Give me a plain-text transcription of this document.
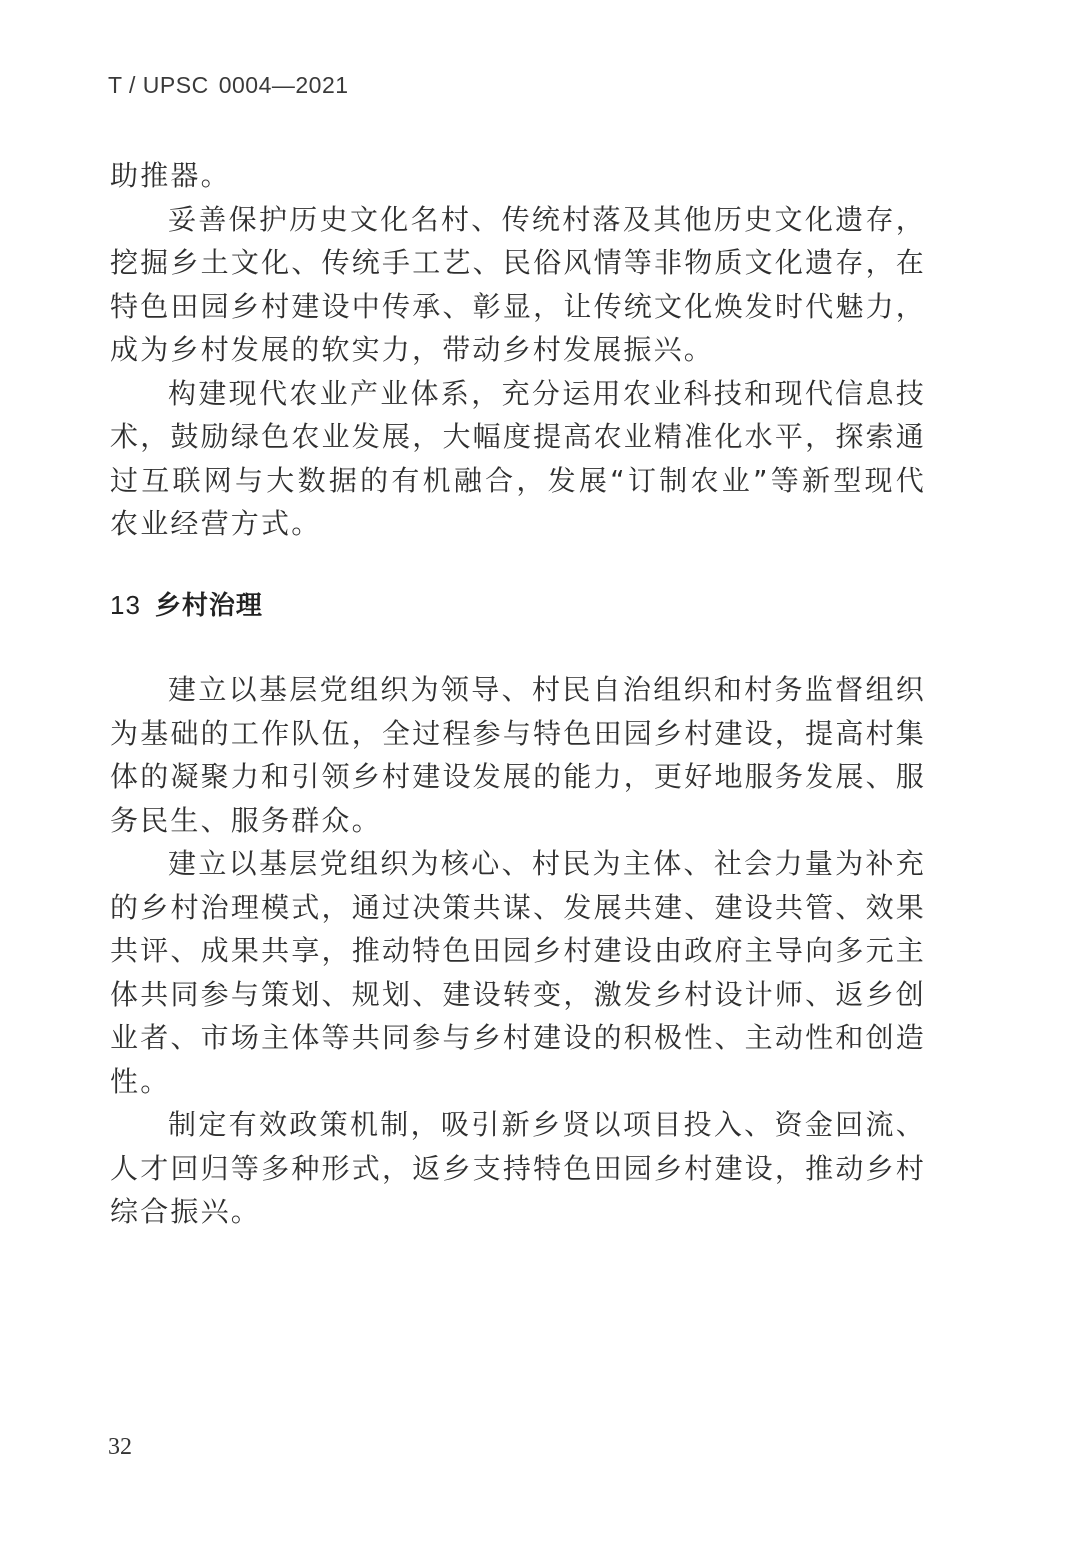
T / UPSC 0004—2021

助推器。

妥善保护历史文化名村、传统村落及其他历史文化遗存，挖掘乡土文化、传统手工艺、民俗风情等非物质文化遗存，在特色田园乡村建设中传承、彰显，让传统文化焕发时代魅力，成为乡村发展的软实力，带动乡村发展振兴。

构建现代农业产业体系，充分运用农业科技和现代信息技术，鼓励绿色农业发展，大幅度提高农业精准化水平，探索通过互联网与大数据的有机融合，发展“订制农业”等新型现代农业经营方式。

13 乡村治理

建立以基层党组织为领导、村民自治组织和村务监督组织为基础的工作队伍，全过程参与特色田园乡村建设，提高村集体的凝聚力和引领乡村建设发展的能力，更好地服务发展、服务民生、服务群众。

建立以基层党组织为核心、村民为主体、社会力量为补充的乡村治理模式，通过决策共谋、发展共建、建设共管、效果共评、成果共享，推动特色田园乡村建设由政府主导向多元主体共同参与策划、规划、建设转变，激发乡村设计师、返乡创业者、市场主体等共同参与乡村建设的积极性、主动性和创造性。

制定有效政策机制，吸引新乡贤以项目投入、资金回流、人才回归等多种形式，返乡支持特色田园乡村建设，推动乡村综合振兴。

32
